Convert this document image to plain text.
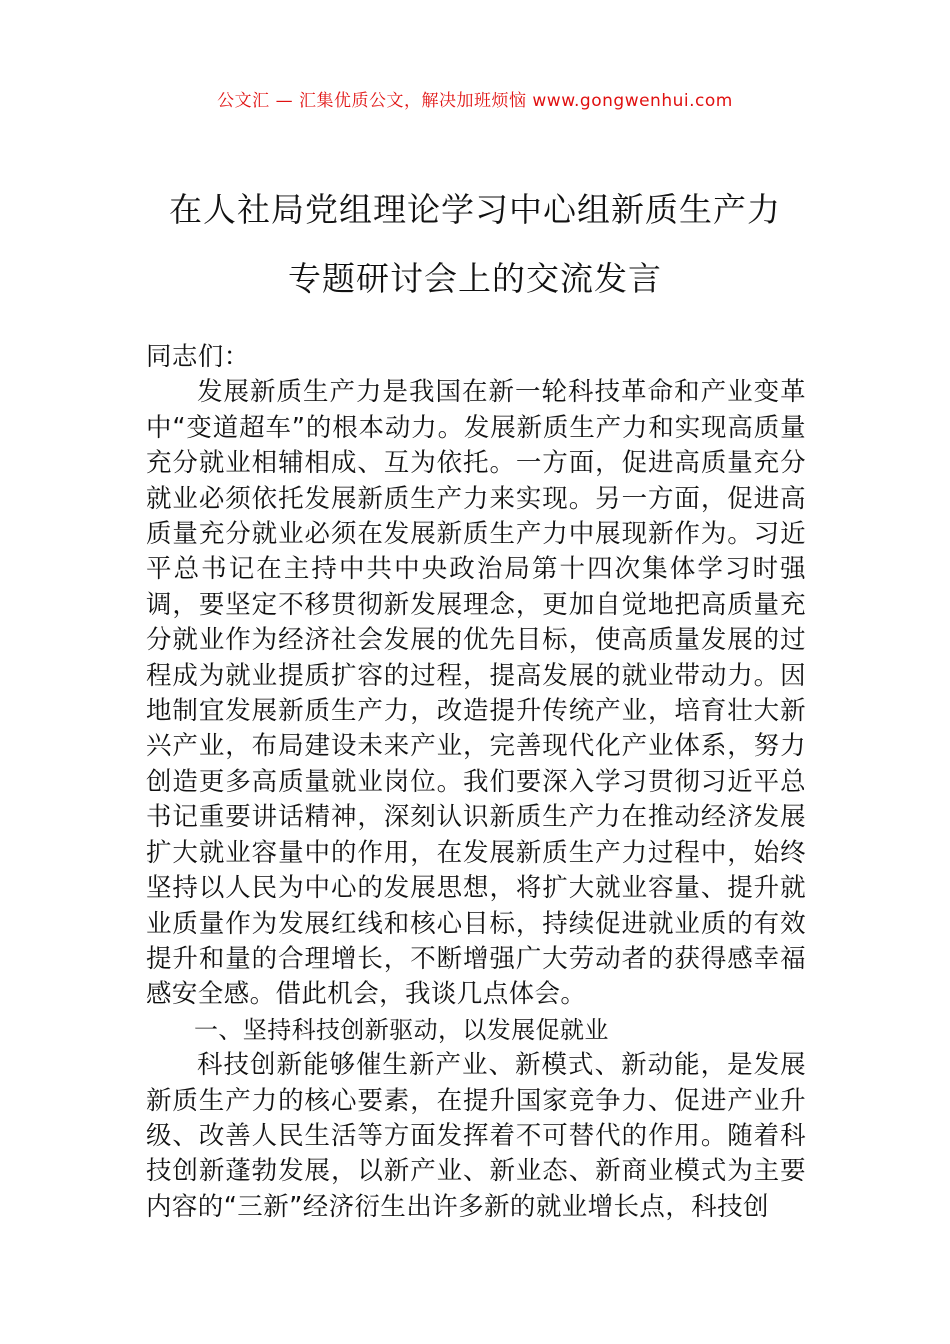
公文汇 — 汇集优质公文，解决加班烦恼 www.gongwenhui.com
在人社局党组理论学习中心组新质生产力
专题研讨会上的交流发言

同志们：

发展新质生产力是我国在新一轮科技革命和产业变革中“变道超车”的根本动力。发展新质生产力和实现高质量充分就业相辅相成、互为依托。一方面，促进高质量充分就业必须依托发展新质生产力来实现。另一方面，促进高质量充分就业必须在发展新质生产力中展现新作为。习近平总书记在主持中共中央政治局第十四次集体学习时强调，要坚定不移贯彻新发展理念，更加自觉地把高质量充分就业作为经济社会发展的优先目标，使高质量发展的过程成为就业提质扩容的过程，提高发展的就业带动力。因地制宜发展新质生产力，改造提升传统产业，培育壮大新兴产业，布局建设未来产业，完善现代化产业体系，努力创造更多高质量就业岗位。我们要深入学习贯彻习近平总书记重要讲话精神，深刻认识新质生产力在推动经济发展扩大就业容量中的作用，在发展新质生产力过程中，始终坚持以人民为中心的发展思想，将扩大就业容量、提升就业质量作为发展红线和核心目标，持续促进就业质的有效提升和量的合理增长，不断增强广大劳动者的获得感幸福感安全感。借此机会，我谈几点体会。

一、坚持科技创新驱动，以发展促就业

科技创新能够催生新产业、新模式、新动能，是发展新质生产力的核心要素，在提升国家竞争力、促进产业升级、改善人民生活等方面发挥着不可替代的作用。随着科技创新蓬勃发展，以新产业、新业态、新商业模式为主要内容的“三新”经济衍生出许多新的就业增长点，科技创
